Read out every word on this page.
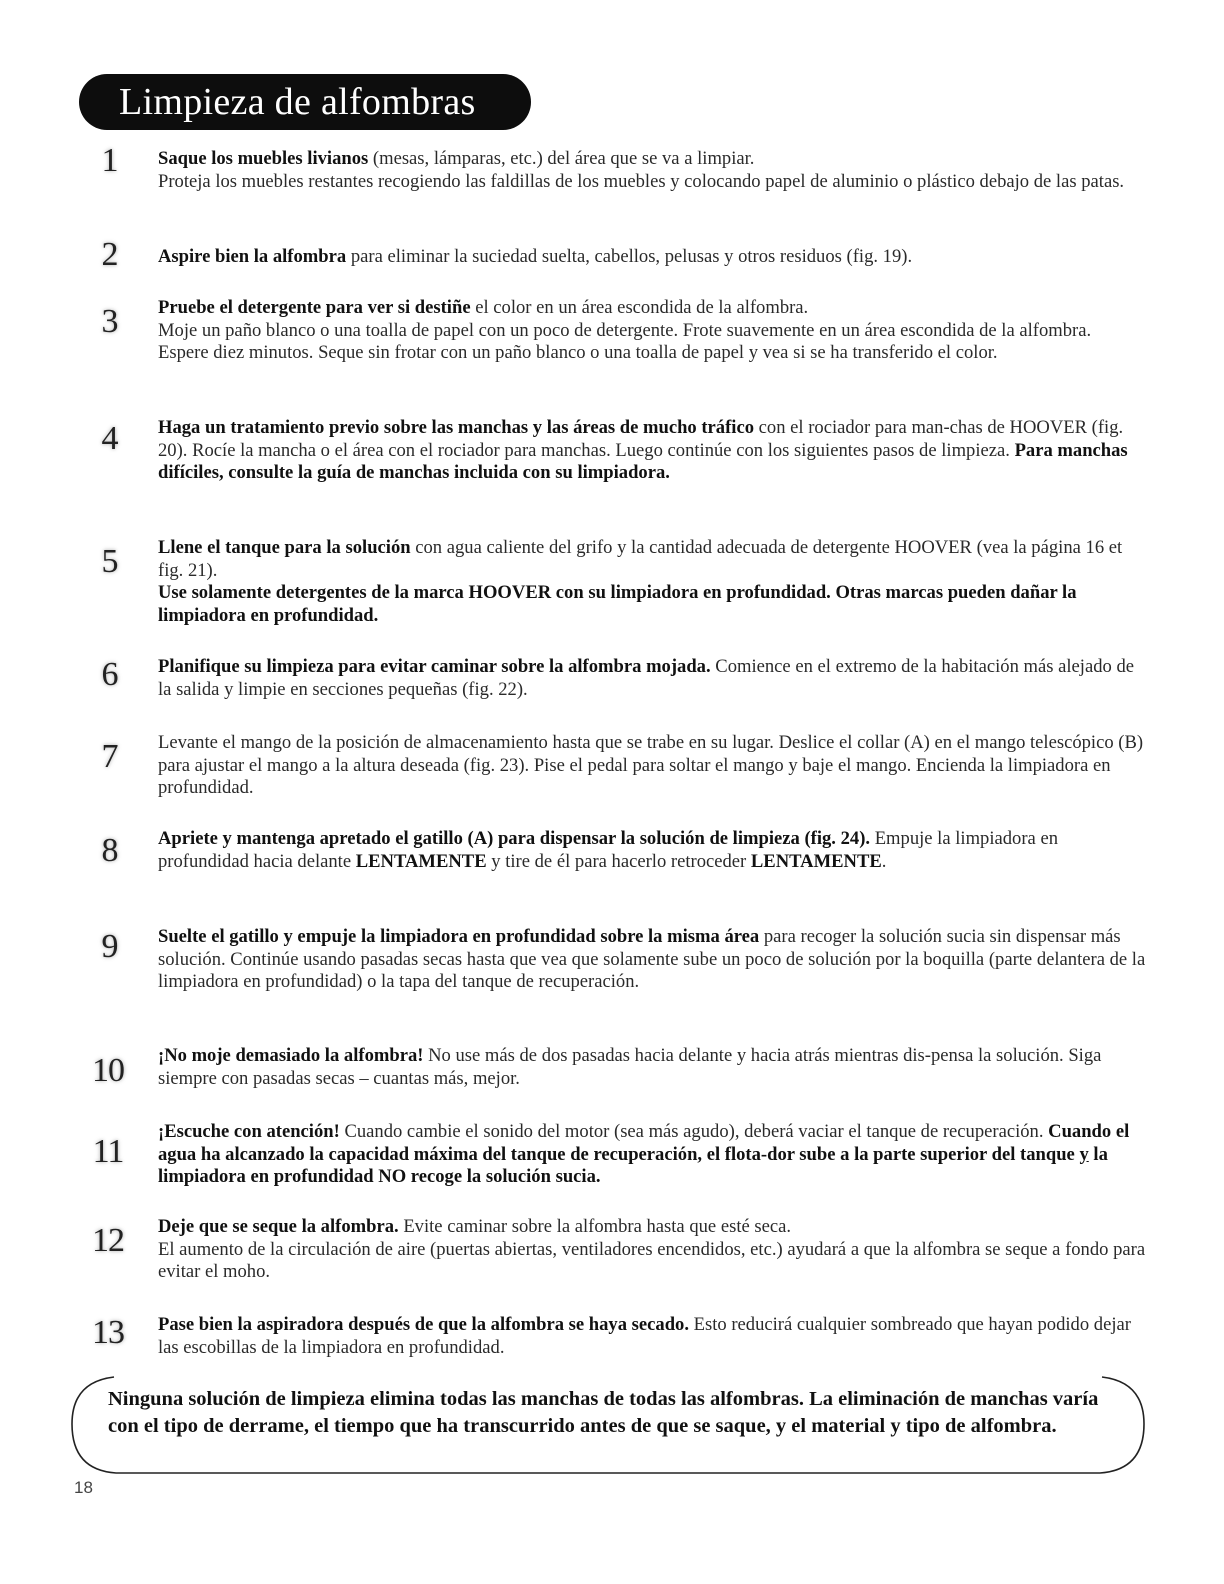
Limpieza de alfombras
1	Saque los muebles livianos (mesas, lámparas, etc.) del área que se va a limpiar.
Proteja los muebles restantes recogiendo las faldillas de los muebles y colocando papel de aluminio o plástico debajo de las patas.
2	Aspire bien la alfombra para eliminar la suciedad suelta, cabellos, pelusas y otros residuos (fig. 19).
3	Pruebe el detergente para ver si destiñe el color en un área escondida de la alfombra.
Moje un paño blanco o una toalla de papel con un poco de detergente. Frote suavemente en un área escondida de la alfombra. Espere diez minutos. Seque sin frotar con un paño blanco o una toalla de papel y vea si se ha transferido el color.
4	Haga un tratamiento previo sobre las manchas y las áreas de mucho tráfico con el rociador para man-chas de HOOVER (fig. 20). Rocíe la mancha o el área con el rociador para manchas. Luego continúe con los siguientes pasos de limpieza. Para manchas difíciles, consulte la guía de manchas incluida con su limpiadora.
5	Llene el tanque para la solución con agua caliente del grifo y la cantidad adecuada de detergente HOOVER (vea la página 16 et fig. 21).
Use solamente detergentes de la marca HOOVER con su limpiadora en profundidad. Otras marcas pueden dañar la limpiadora en profundidad.
6	Planifique su limpieza para evitar caminar sobre la alfombra mojada. Comience en el extremo de la habitación más alejado de la salida y limpie en secciones pequeñas (fig. 22).
7	Levante el mango de la posición de almacenamiento hasta que se trabe en su lugar. Deslice el collar (A) en el mango telescópico (B) para ajustar el mango a la altura deseada (fig. 23). Pise el pedal para soltar el mango y baje el mango. Encienda la limpiadora en profundidad.
8	Apriete y mantenga apretado el gatillo (A) para dispensar la solución de limpieza (fig. 24). Empuje la limpiadora en profundidad hacia delante LENTAMENTE y tire de él para hacerlo retroceder LENTAMENTE.
9	Suelte el gatillo y empuje la limpiadora en profundidad sobre la misma área para recoger la solución sucia sin dispensar más solución. Continúe usando pasadas secas hasta que vea que solamente sube un poco de solución por la boquilla (parte delantera de la limpiadora en profundidad) o la tapa del tanque de recuperación.
10	¡No moje demasiado la alfombra! No use más de dos pasadas hacia delante y hacia atrás mientras dis-pensa la solución. Siga siempre con pasadas secas – cuantas más, mejor.
11
¡Escuche con atención! Cuando cambie el sonido del motor (sea más agudo), deberá vaciar el tanque de recuperación. Cuando el agua ha alcanzado la capacidad máxima del tanque de recuperación, el flota-dor sube a la parte superior del tanque y la limpiadora en profundidad NO recoge la solución sucia.
12	Deje que se seque la alfombra. Evite caminar sobre la alfombra hasta que esté seca.
El aumento de la circulación de aire (puertas abiertas, ventiladores encendidos, etc.) ayudará a que la alfombra se seque a fondo para evitar el moho.
13	Pase bien la aspiradora después de que la alfombra se haya secado. Esto reducirá cualquier sombreado que hayan podido dejar las escobillas de la limpiadora en profundidad.
Ninguna solución de limpieza elimina todas las manchas de todas las alfombras. La eliminación de manchas varía con el tipo de derrame, el tiempo que ha transcurrido antes de que se saque, y el material y tipo de alfombra.
18
